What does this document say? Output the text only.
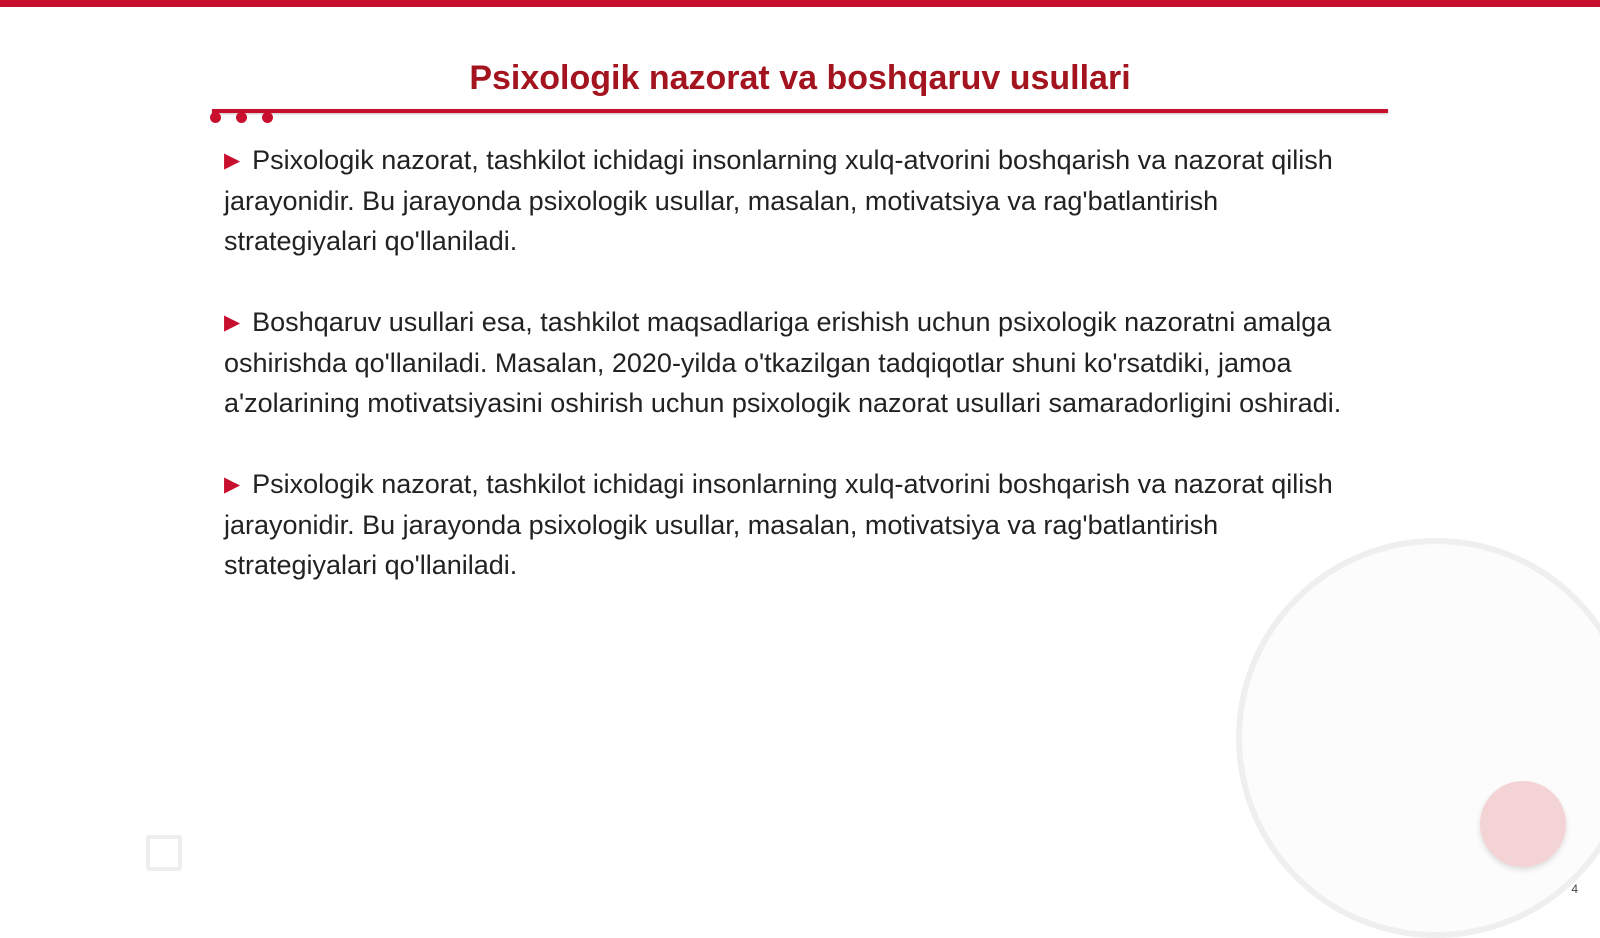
Psixologik nazorat va boshqaruv usullari

▶ Psixologik nazorat, tashkilot ichidagi insonlarning xulq-atvorini boshqarish va nazorat qilish jarayonidir. Bu jarayonda psixologik usullar, masalan, motivatsiya va rag'batlantirish strategiyalari qo'llaniladi.

▶ Boshqaruv usullari esa, tashkilot maqsadlariga erishish uchun psixologik nazoratni amalga oshirishda qo'llaniladi. Masalan, 2020-yilda o'tkazilgan tadqiqotlar shuni ko'rsatdiki, jamoa a'zolarining motivatsiyasini oshirish uchun psixologik nazorat usullari samaradorligini oshiradi.

▶ Psixologik nazorat, tashkilot ichidagi insonlarning xulq-atvorini boshqarish va nazorat qilish jarayonidir. Bu jarayonda psixologik usullar, masalan, motivatsiya va rag'batlantirish strategiyalari qo'llaniladi.

4
